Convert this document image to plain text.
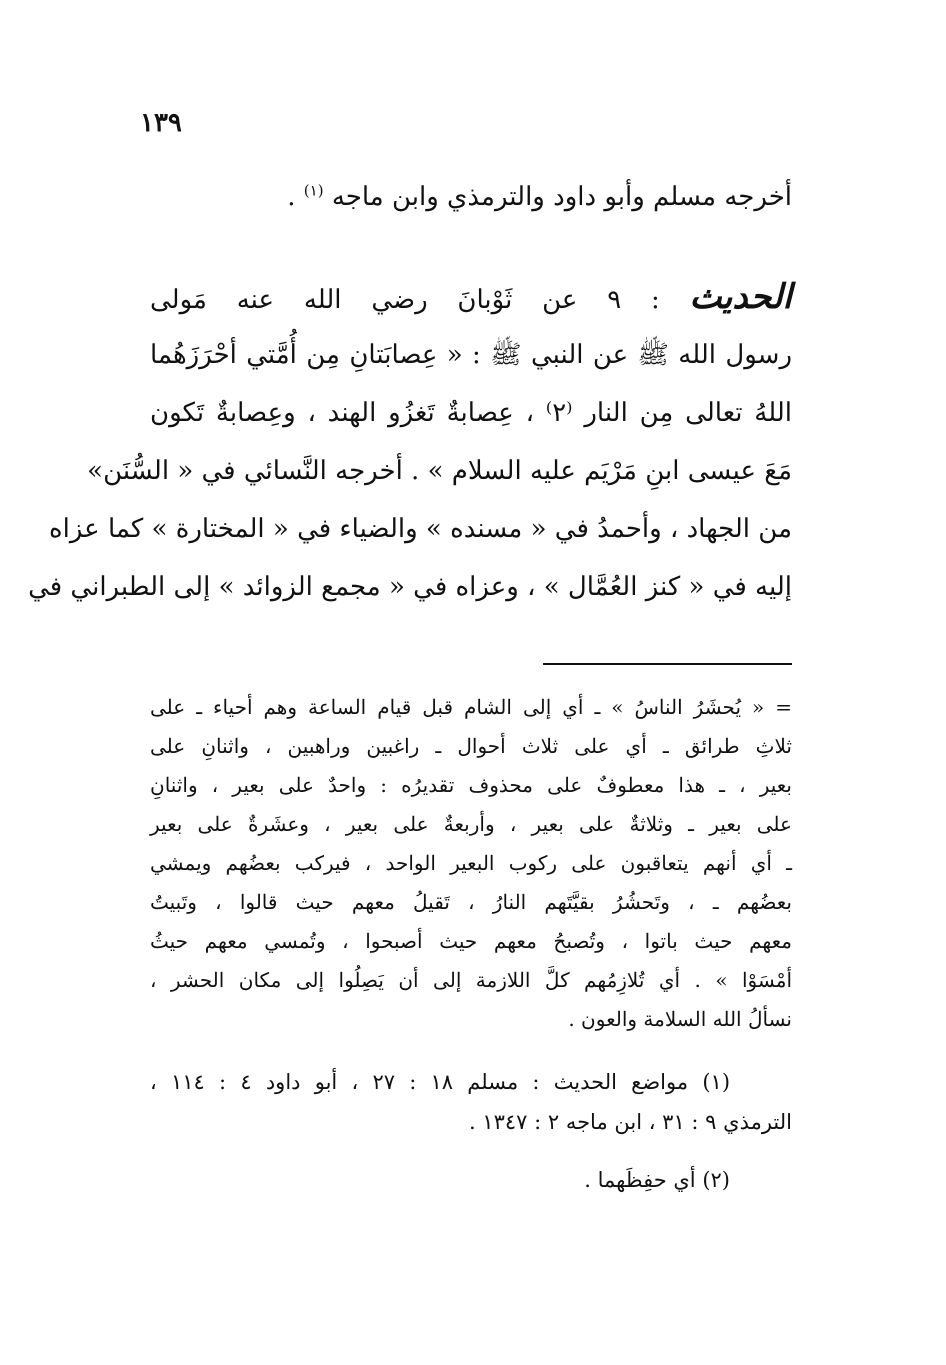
١٣٩
أخرجه مسلم وأبو داود والترمذي وابن ماجه $^{(١)}$ .
الحديث : ٩ عن ثَوْبانَ رضي الله عنه مَولى
رسول الله ﷺ عن النبي ﷺ : « عِصابَتانِ مِن أُمَّتي أحْرَزَهُما
اللهُ تعالى مِن النار ⁽٢⁾ ، عِصابةٌ تَغزُو الهند ، وعِصابةٌ تَكون
مَعَ عيسى ابنِ مَرْيَم عليه السلام » . أخرجه النَّسائي في « السُّنَن»
من الجهاد ، وأحمدُ في « مسنده » والضياء في « المختارة » كما عزاه
إليه في « كنز العُمَّال » ، وعزاه في « مجمع الزوائد » إلى الطبراني في
= « يُحشَرُ الناسُ » ـ أي إلى الشام قبل قيام الساعة وهم أحياء ـ على
ثلاثِ طرائق ـ أي على ثلاث أحوال ـ راغبين وراهبين ، واثنانِ على
بعير ، ـ هذا معطوفٌ على محذوف تقديرُه : واحدٌ على بعير ، واثنانِ
على بعير ـ وثلاثةٌ على بعير ، وأربعةٌ على بعير ، وعشَرةٌ على بعير
ـ أي أنهم يتعاقبون على ركوب البعير الواحد ، فيركب بعضُهم ويمشي
بعضُهم ـ ، وتَحشُرُ بقيَّتَهم النارُ ، تَقيلُ معهم حيث قالوا ، وتَبيتُ
معهم حيث باتوا ، وتُصبحُ معهم حيث أصبحوا ، وتُمسي معهم حيثُ
أمْسَوْا » . أي تُلازِمُهم كلَّ اللازمة إلى أن يَصِلُوا إلى مكان الحشر ،
نسألُ الله السلامة والعون .
(١) مواضع الحديث : مسلم ١٨ : ٢٧ ، أبو داود ٤ : ١١٤ ،
الترمذي ٩ : ٣١ ، ابن ماجه ٢ : ١٣٤٧ .
(٢) أي حفِظَهما .
